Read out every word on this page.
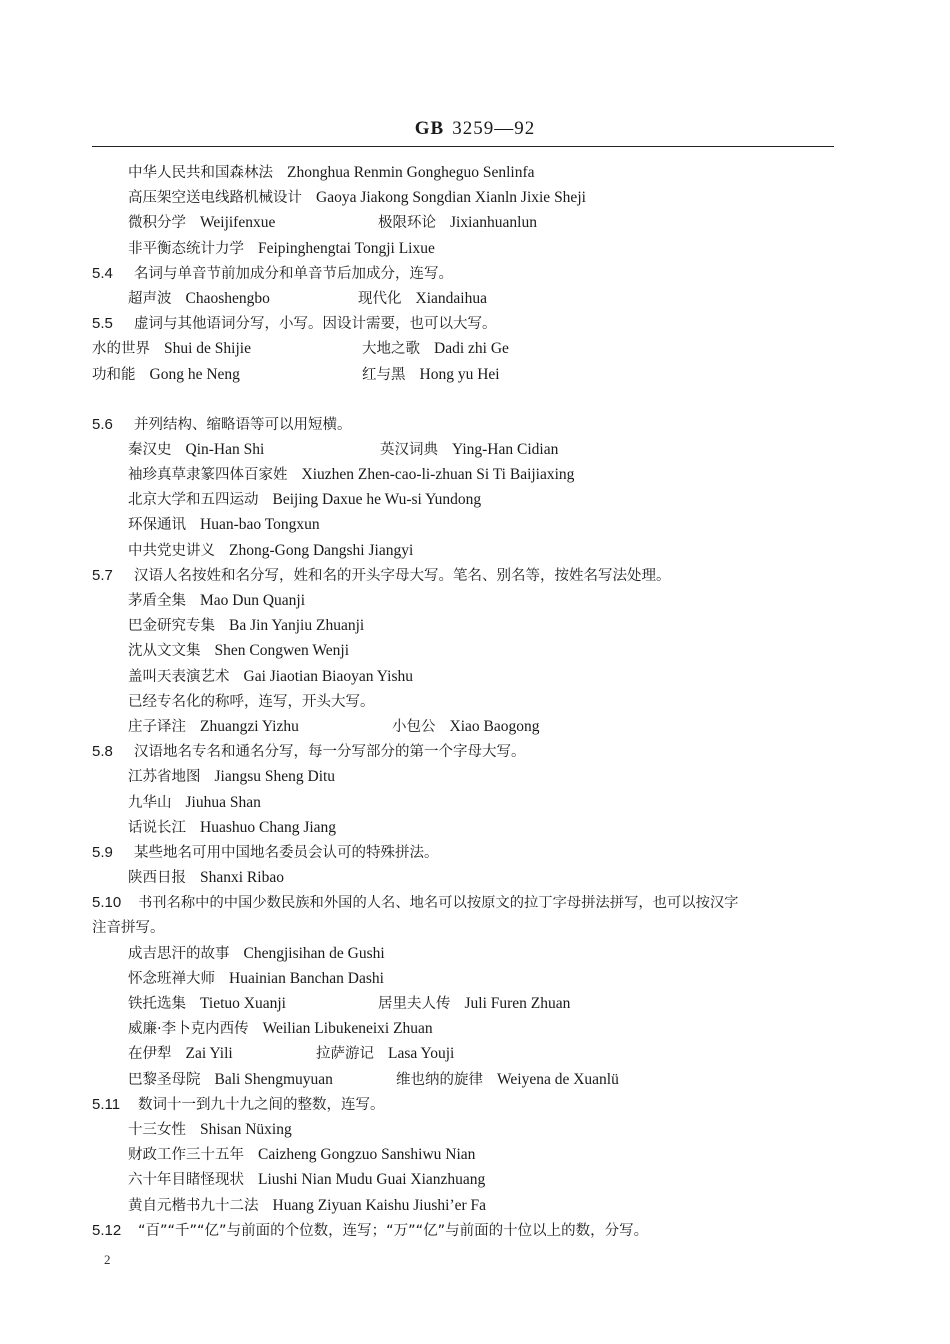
GB 3259—92
中华人民共和国森林法 Zhonghua Renmin Gongheguo Senlinfa
高压架空送电线路机械设计 Gaoya Jiakong Songdian Xianln Jixie Sheji
微积分学 Weijifenxue	极限环论 Jixianhuanlun
非平衡态统计力学 Feipinghengtai Tongji Lixue
5.4 名词与单音节前加成分和单音节后加成分，连写。
超声波 Chaoshengbo	现代化 Xiandaihua
5.5 虚词与其他语词分写，小写。因设计需要，也可以大写。
水的世界 Shui de Shijie	大地之歌 Dadi zhi Ge
功和能 Gong he Neng	红与黑 Hong yu Hei
5.6 并列结构、缩略语等可以用短横。
秦汉史 Qin-Han Shi	英汉词典 Ying-Han Cidian
袖珍真草隶篆四体百家姓 Xiuzhen Zhen-cao-li-zhuan Si Ti Baijiaxing
北京大学和五四运动 Beijing Daxue he Wu-si Yundong
环保通讯 Huan-bao Tongxun
中共党史讲义 Zhong-Gong Dangshi Jiangyi
5.7 汉语人名按姓和名分写，姓和名的开头字母大写。笔名、别名等，按姓名写法处理。
茅盾全集 Mao Dun Quanji
巴金研究专集 Ba Jin Yanjiu Zhuanji
沈从文文集 Shen Congwen Wenji
盖叫天表演艺术 Gai Jiaotian Biaoyan Yishu
已经专名化的称呼，连写，开头大写。
庄子译注 Zhuangzi Yizhu	小包公 Xiao Baogong
5.8 汉语地名专名和通名分写，每一分写部分的第一个字母大写。
江苏省地图 Jiangsu Sheng Ditu
九华山 Jiuhua Shan
话说长江 Huashuo Chang Jiang
5.9 某些地名可用中国地名委员会认可的特殊拼法。
陕西日报 Shanxi Ribao
5.10 书刊名称中的中国少数民族和外国的人名、地名可以按原文的拉丁字母拼法拼写，也可以按汉字
注音拼写。
成吉思汗的故事 Chengjisihan de Gushi
怀念班禅大师 Huainian Banchan Dashi
铁托选集 Tietuo Xuanji	居里夫人传 Juli Furen Zhuan
威廉·李卜克内西传 Weilian Libukeneixi Zhuan
在伊犁 Zai Yili	拉萨游记 Lasa Youji
巴黎圣母院 Bali Shengmuyuan	维也纳的旋律 Weiyena de Xuanlü
5.11 数词十一到九十九之间的整数，连写。
十三女性 Shisan Nüxing
财政工作三十五年 Caizheng Gongzuo Sanshiwu Nian
六十年目睹怪现状 Liushi Nian Mudu Guai Xianzhuang
黄自元楷书九十二法 Huang Ziyuan Kaishu Jiushi’er Fa
5.12 “百”“千”“亿”与前面的个位数，连写；“万”“亿”与前面的十位以上的数，分写。
2
